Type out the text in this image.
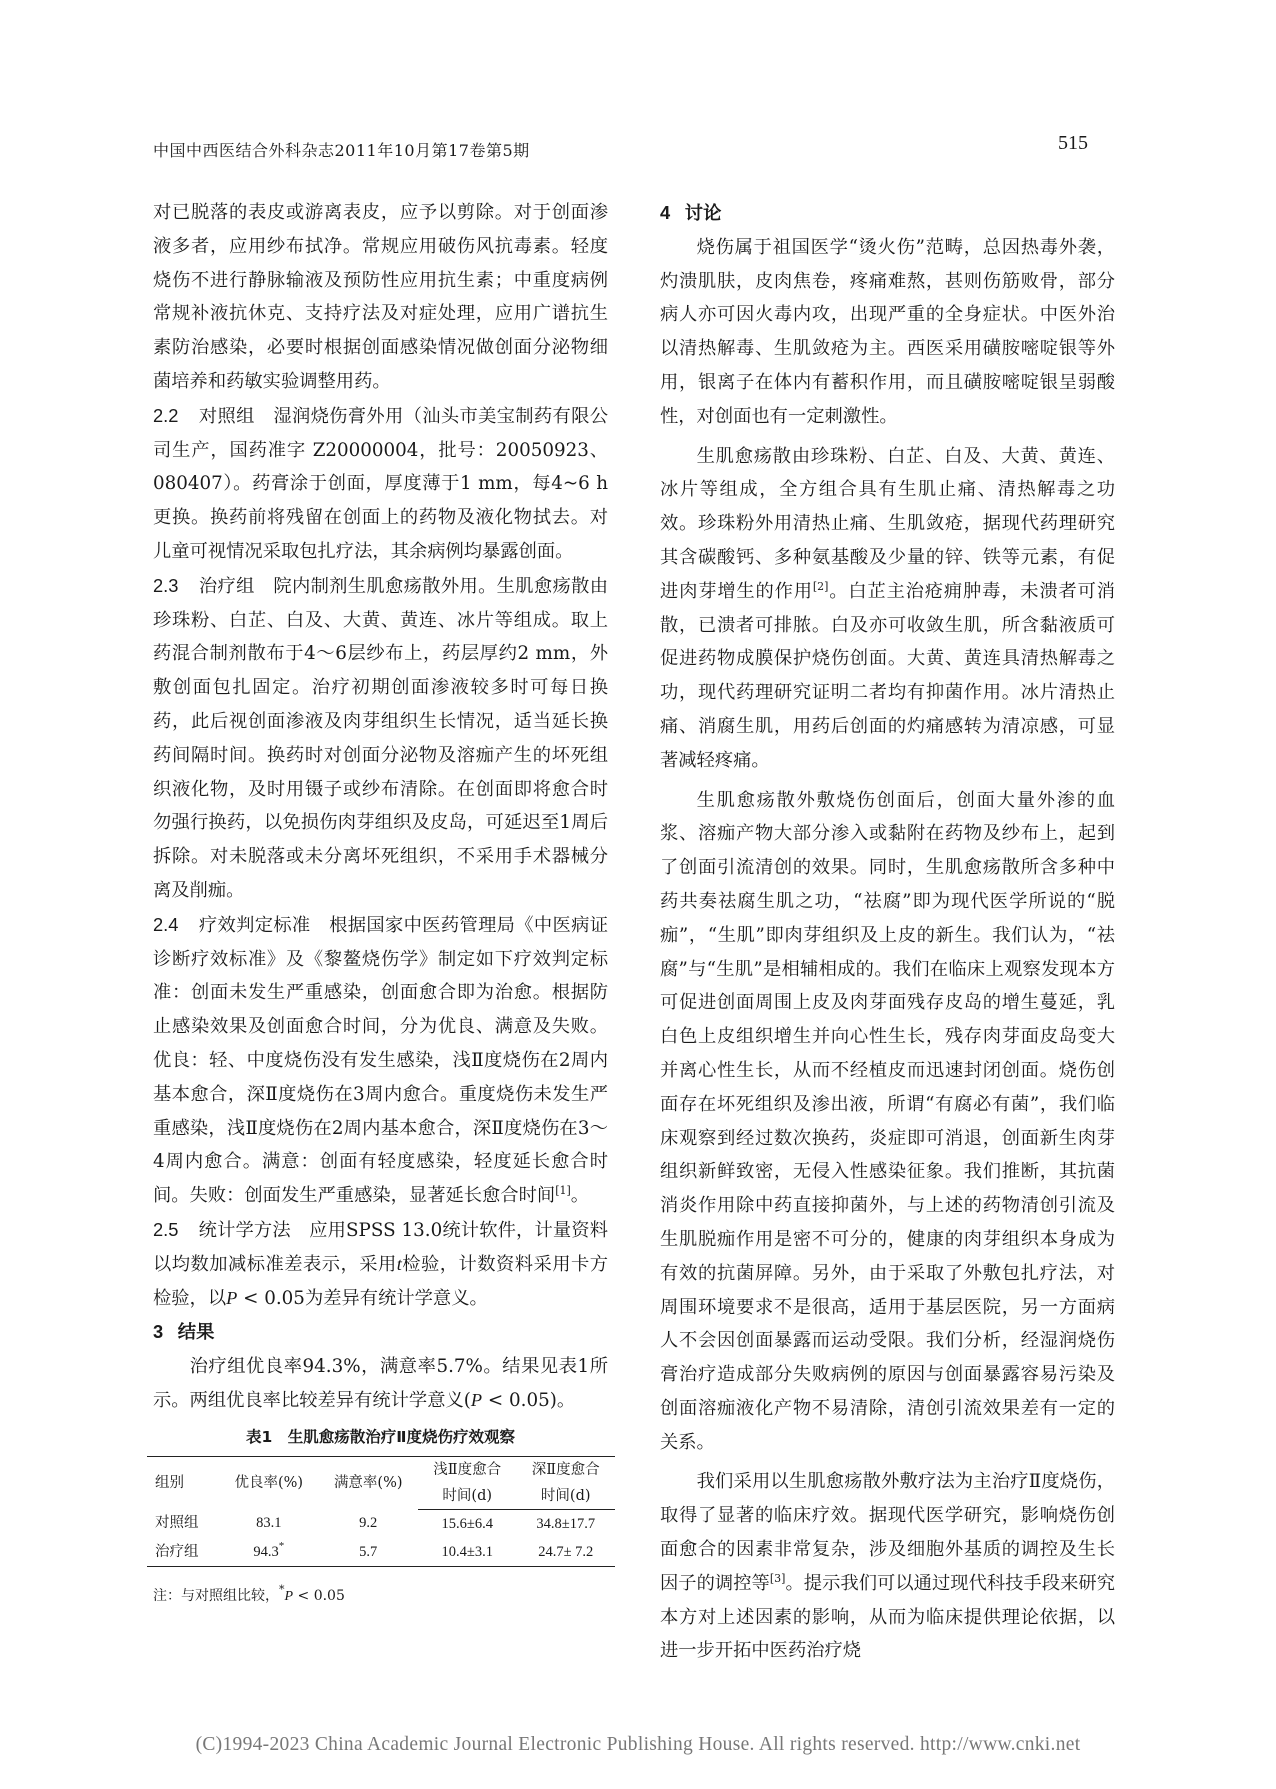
中国中西医结合外科杂志2011年10月第17卷第5期	515

对已脱落的表皮或游离表皮，应予以剪除。对于创面渗液多者，应用纱布拭净。常规应用破伤风抗毒素。轻度烧伤不进行静脉输液及预防性应用抗生素；中重度病例常规补液抗休克、支持疗法及对症处理，应用广谱抗生素防治感染，必要时根据创面感染情况做创面分泌物细菌培养和药敏实验调整用药。

2.2 对照组　 湿润烧伤膏外用（汕头市美宝制药有限公司生产，国药准字 Z20000004，批号：20050923、080407）。药膏涂于创面，厚度薄于1 mm，每4~6 h更换。换药前将残留在创面上的药物及液化物拭去。对儿童可视情况采取包扎疗法，其余病例均暴露创面。

2.3 治疗组　 院内制剂生肌愈疡散外用。生肌愈疡散由珍珠粉、白芷、白及、大黄、黄连、冰片等组成。取上药混合制剂散布于4～6层纱布上，药层厚约2 mm，外敷创面包扎固定。治疗初期创面渗液较多时可每日换药，此后视创面渗液及肉芽组织生长情况，适当延长换药间隔时间。换药时对创面分泌物及溶痂产生的坏死组织液化物，及时用镊子或纱布清除。在创面即将愈合时勿强行换药，以免损伤肉芽组织及皮岛，可延迟至1周后拆除。对未脱落或未分离坏死组织，不采用手术器械分离及削痂。

2.4 疗效判定标准　 根据国家中医药管理局《中医病证诊断疗效标准》及《黎鳌烧伤学》制定如下疗效判定标准：创面未发生严重感染，创面愈合即为治愈。根据防止感染效果及创面愈合时间，分为优良、满意及失败。优良：轻、中度烧伤没有发生感染，浅Ⅱ度烧伤在2周内基本愈合，深Ⅱ度烧伤在3周内愈合。重度烧伤未发生严重感染，浅Ⅱ度烧伤在2周内基本愈合，深Ⅱ度烧伤在3～4周内愈合。满意：创面有轻度感染，轻度延长愈合时间。失败：创面发生严重感染，显著延长愈合时间[1]。

2.5 统计学方法　 应用SPSS 13.0统计软件，计量资料以均数加减标准差表示，采用t检验，计数资料采用卡方检验，以P < 0.05为差异有统计学意义。

3 结果

治疗组优良率94.3%，满意率5.7%。结果见表1所示。两组优良率比较差异有统计学意义(P < 0.05)。

表1　生肌愈疡散治疗Ⅱ度烧伤疗效观察
组别	优良率(%)	满意率(%)	浅Ⅱ度愈合	深Ⅱ度愈合
			时间(d)	时间(d)
对照组	83.1	9.2	15.6±6.4	34.8±17.7
治疗组	94.3*	5.7	10.4±3.1	24.7± 7.2
注：与对照组比较，*P < 0.05

4 讨论

烧伤属于祖国医学“烫火伤”范畴，总因热毒外袭，灼溃肌肤，皮肉焦卷，疼痛难熬，甚则伤筋败骨，部分病人亦可因火毒内攻，出现严重的全身症状。中医外治以清热解毒、生肌敛疮为主。西医采用磺胺嘧啶银等外用，银离子在体内有蓄积作用，而且磺胺嘧啶银呈弱酸性，对创面也有一定刺激性。

生肌愈疡散由珍珠粉、白芷、白及、大黄、黄连、冰片等组成，全方组合具有生肌止痛、清热解毒之功效。珍珠粉外用清热止痛、生肌敛疮，据现代药理研究其含碳酸钙、多种氨基酸及少量的锌、铁等元素，有促进肉芽增生的作用[2]。白芷主治疮痈肿毒，未溃者可消散，已溃者可排脓。白及亦可收敛生肌，所含黏液质可促进药物成膜保护烧伤创面。大黄、黄连具清热解毒之功，现代药理研究证明二者均有抑菌作用。冰片清热止痛、消腐生肌，用药后创面的灼痛感转为清凉感，可显著减轻疼痛。

生肌愈疡散外敷烧伤创面后，创面大量外渗的血浆、溶痂产物大部分渗入或黏附在药物及纱布上，起到了创面引流清创的效果。同时，生肌愈疡散所含多种中药共奏祛腐生肌之功，“祛腐”即为现代医学所说的“脱痂”，“生肌”即肉芽组织及上皮的新生。我们认为，“祛腐”与“生肌”是相辅相成的。我们在临床上观察发现本方可促进创面周围上皮及肉芽面残存皮岛的增生蔓延，乳白色上皮组织增生并向心性生长，残存肉芽面皮岛变大并离心性生长，从而不经植皮而迅速封闭创面。烧伤创面存在坏死组织及渗出液，所谓“有腐必有菌”，我们临床观察到经过数次换药，炎症即可消退，创面新生肉芽组织新鲜致密，无侵入性感染征象。我们推断，其抗菌消炎作用除中药直接抑菌外，与上述的药物清创引流及生肌脱痂作用是密不可分的，健康的肉芽组织本身成为有效的抗菌屏障。另外，由于采取了外敷包扎疗法，对周围环境要求不是很高，适用于基层医院，另一方面病人不会因创面暴露而运动受限。我们分析，经湿润烧伤膏治疗造成部分失败病例的原因与创面暴露容易污染及创面溶痂液化产物不易清除，清创引流效果差有一定的关系。

我们采用以生肌愈疡散外敷疗法为主治疗Ⅱ度烧伤，取得了显著的临床疗效。据现代医学研究，影响烧伤创面愈合的因素非常复杂，涉及细胞外基质的调控及生长因子的调控等[3]。提示我们可以通过现代科技手段来研究本方对上述因素的影响，从而为临床提供理论依据，以进一步开拓中医药治疗烧

(C)1994-2023 China Academic Journal Electronic Publishing House. All rights reserved. http://www.cnki.net
